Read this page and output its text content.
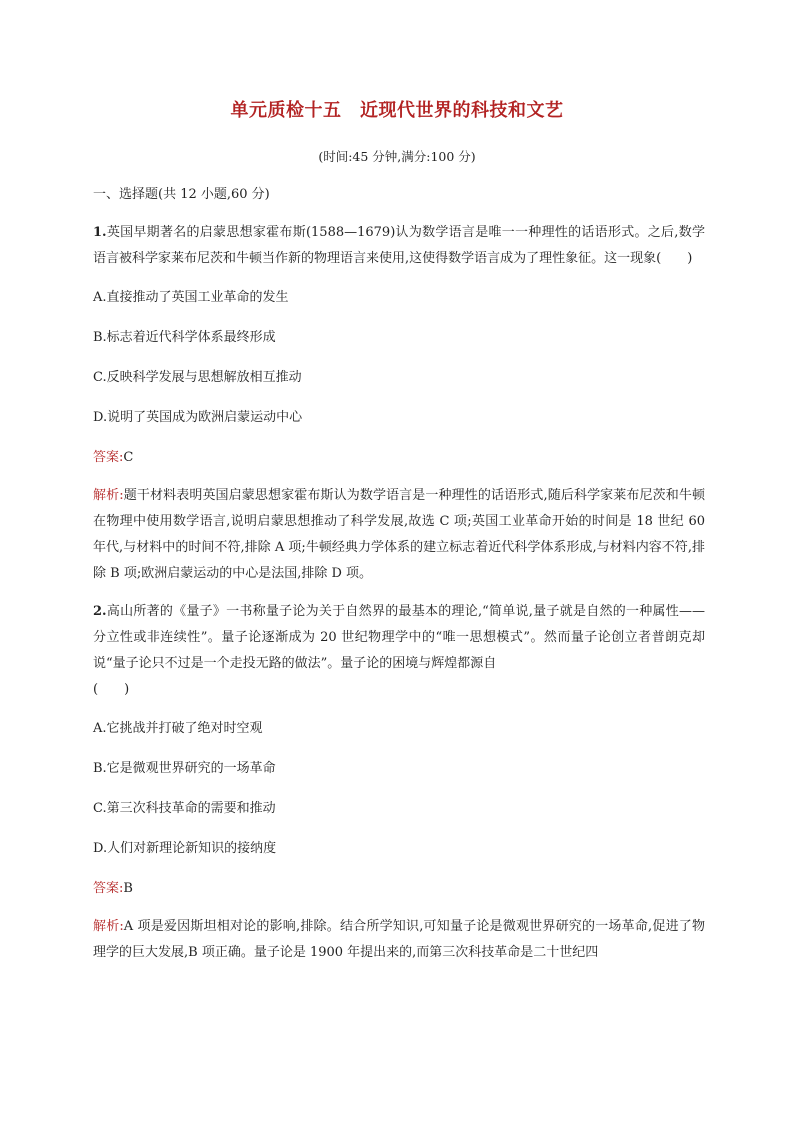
单元质检十五　近现代世界的科技和文艺
(时间:45 分钟,满分:100 分)
一、选择题(共 12 小题,60 分)
1.英国早期著名的启蒙思想家霍布斯(1588—1679)认为数学语言是唯一一种理性的话语形式。之后,数学语言被科学家莱布尼茨和牛顿当作新的物理语言来使用,这使得数学语言成为了理性象征。这一现象(　　)
A.直接推动了英国工业革命的发生
B.标志着近代科学体系最终形成
C.反映科学发展与思想解放相互推动
D.说明了英国成为欧洲启蒙运动中心
答案:C
解析:题干材料表明英国启蒙思想家霍布斯认为数学语言是一种理性的话语形式,随后科学家莱布尼茨和牛顿在物理中使用数学语言,说明启蒙思想推动了科学发展,故选 C 项;英国工业革命开始的时间是 18 世纪 60 年代,与材料中的时间不符,排除 A 项;牛顿经典力学体系的建立标志着近代科学体系形成,与材料内容不符,排除 B 项;欧洲启蒙运动的中心是法国,排除 D 项。
2.高山所著的《量子》一书称量子论为关于自然界的最基本的理论,“简单说,量子就是自然的一种属性——分立性或非连续性”。量子论逐渐成为 20 世纪物理学中的“唯一思想模式”。然而量子论创立者普朗克却说“量子论只不过是一个走投无路的做法”。量子论的困境与辉煌都源自
(　　)
A.它挑战并打破了绝对时空观
B.它是微观世界研究的一场革命
C.第三次科技革命的需要和推动
D.人们对新理论新知识的接纳度
答案:B
解析:A 项是爱因斯坦相对论的影响,排除。结合所学知识,可知量子论是微观世界研究的一场革命,促进了物理学的巨大发展,B 项正确。量子论是 1900 年提出来的,而第三次科技革命是二十世纪四
